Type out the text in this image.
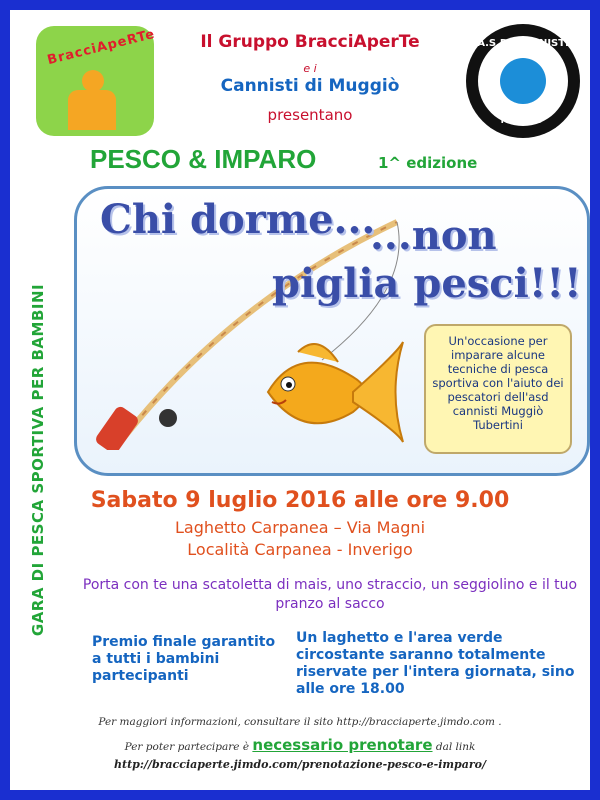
BracciApeRTe	A.S.D. CANNISTI
MUGGIO'
Il Gruppo BracciAperTe
e i
Cannisti di Muggiò
presentano
PESCO & IMPARO	1^ edizione
GARA DI PESCA SPORTIVA PER BAMBINI
Chi dorme...
...non
piglia pesci!!!
Un'occasione per imparare alcune tecniche di pesca sportiva con l'aiuto dei pescatori dell'asd cannisti Muggiò Tubertini
Sabato 9 luglio 2016 alle ore 9.00
Laghetto Carpanea – Via Magni
Località Carpanea - Inverigo
Porta con te una scatoletta di mais, uno straccio, un seggiolino e il tuo pranzo al sacco
Premio finale garantito a tutti i bambini partecipanti
Un laghetto e l'area verde circostante saranno totalmente riservate per l'intera giornata, sino alle ore 18.00
Per maggiori informazioni, consultare il sito http://bracciaperte.jimdo.com .
Per poter partecipare è necessario prenotare dal link
http://bracciaperte.jimdo.com/prenotazione-pesco-e-imparo/
